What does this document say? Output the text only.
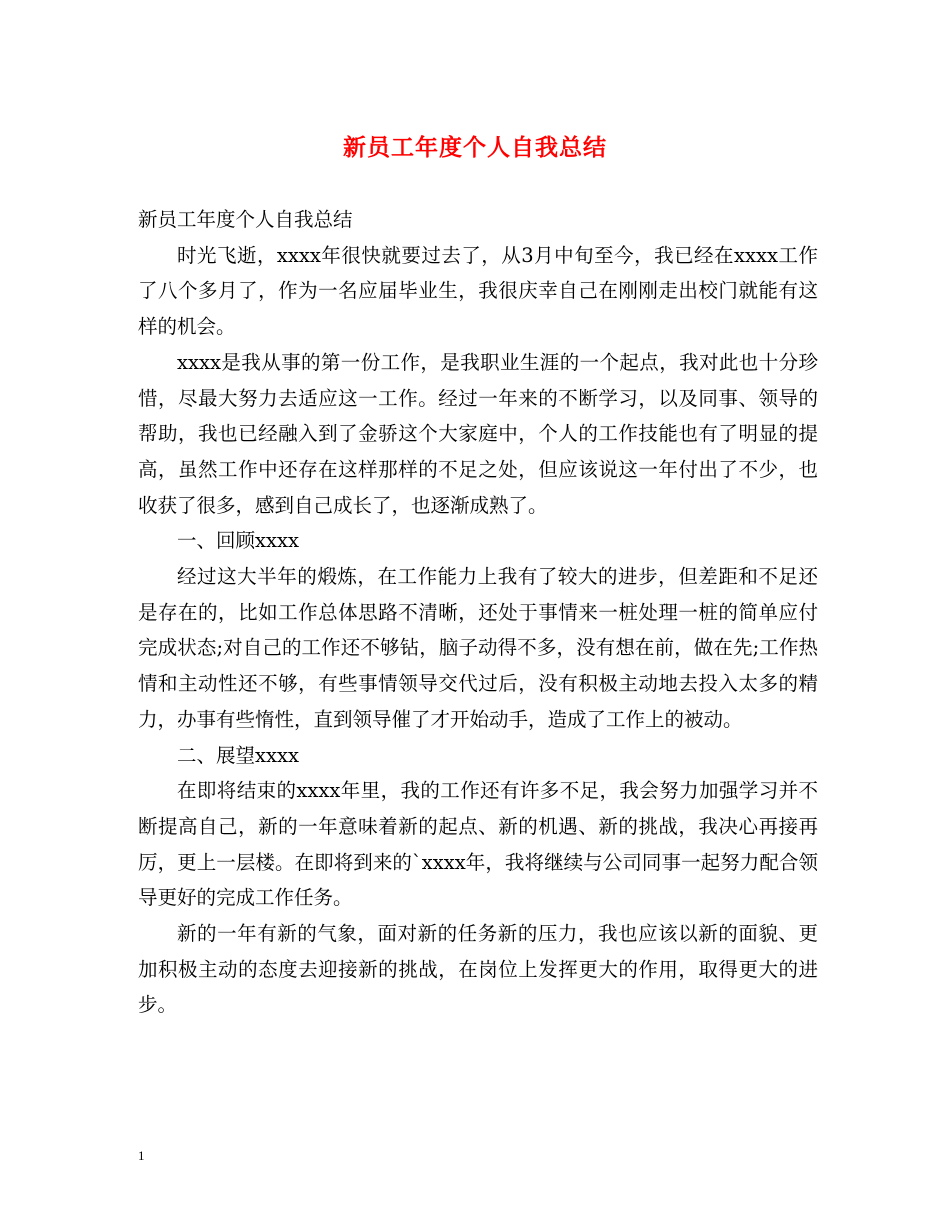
新员工年度个人自我总结

新员工年度个人自我总结

时光飞逝，xxxx年很快就要过去了，从3月中旬至今，我已经在xxxx工作了八个多月了，作为一名应届毕业生，我很庆幸自己在刚刚走出校门就能有这样的机会。

xxxx是我从事的第一份工作，是我职业生涯的一个起点，我对此也十分珍惜，尽最大努力去适应这一工作。经过一年来的不断学习，以及同事、领导的帮助，我也已经融入到了金骄这个大家庭中，个人的工作技能也有了明显的提高，虽然工作中还存在这样那样的不足之处，但应该说这一年付出了不少，也收获了很多，感到自己成长了，也逐渐成熟了。

一、回顾xxxx

经过这大半年的煅炼，在工作能力上我有了较大的进步，但差距和不足还是存在的，比如工作总体思路不清晰，还处于事情来一桩处理一桩的简单应付完成状态;对自己的工作还不够钻，脑子动得不多，没有想在前，做在先;工作热情和主动性还不够，有些事情领导交代过后，没有积极主动地去投入太多的精力，办事有些惰性，直到领导催了才开始动手，造成了工作上的被动。

二、展望xxxx

在即将结束的xxxx年里，我的工作还有许多不足，我会努力加强学习并不断提高自己，新的一年意味着新的起点、新的机遇、新的挑战，我决心再接再厉，更上一层楼。在即将到来的`xxxx年，我将继续与公司同事一起努力配合领导更好的完成工作任务。

新的一年有新的气象，面对新的任务新的压力，我也应该以新的面貌、更加积极主动的态度去迎接新的挑战，在岗位上发挥更大的作用，取得更大的进步。

1
